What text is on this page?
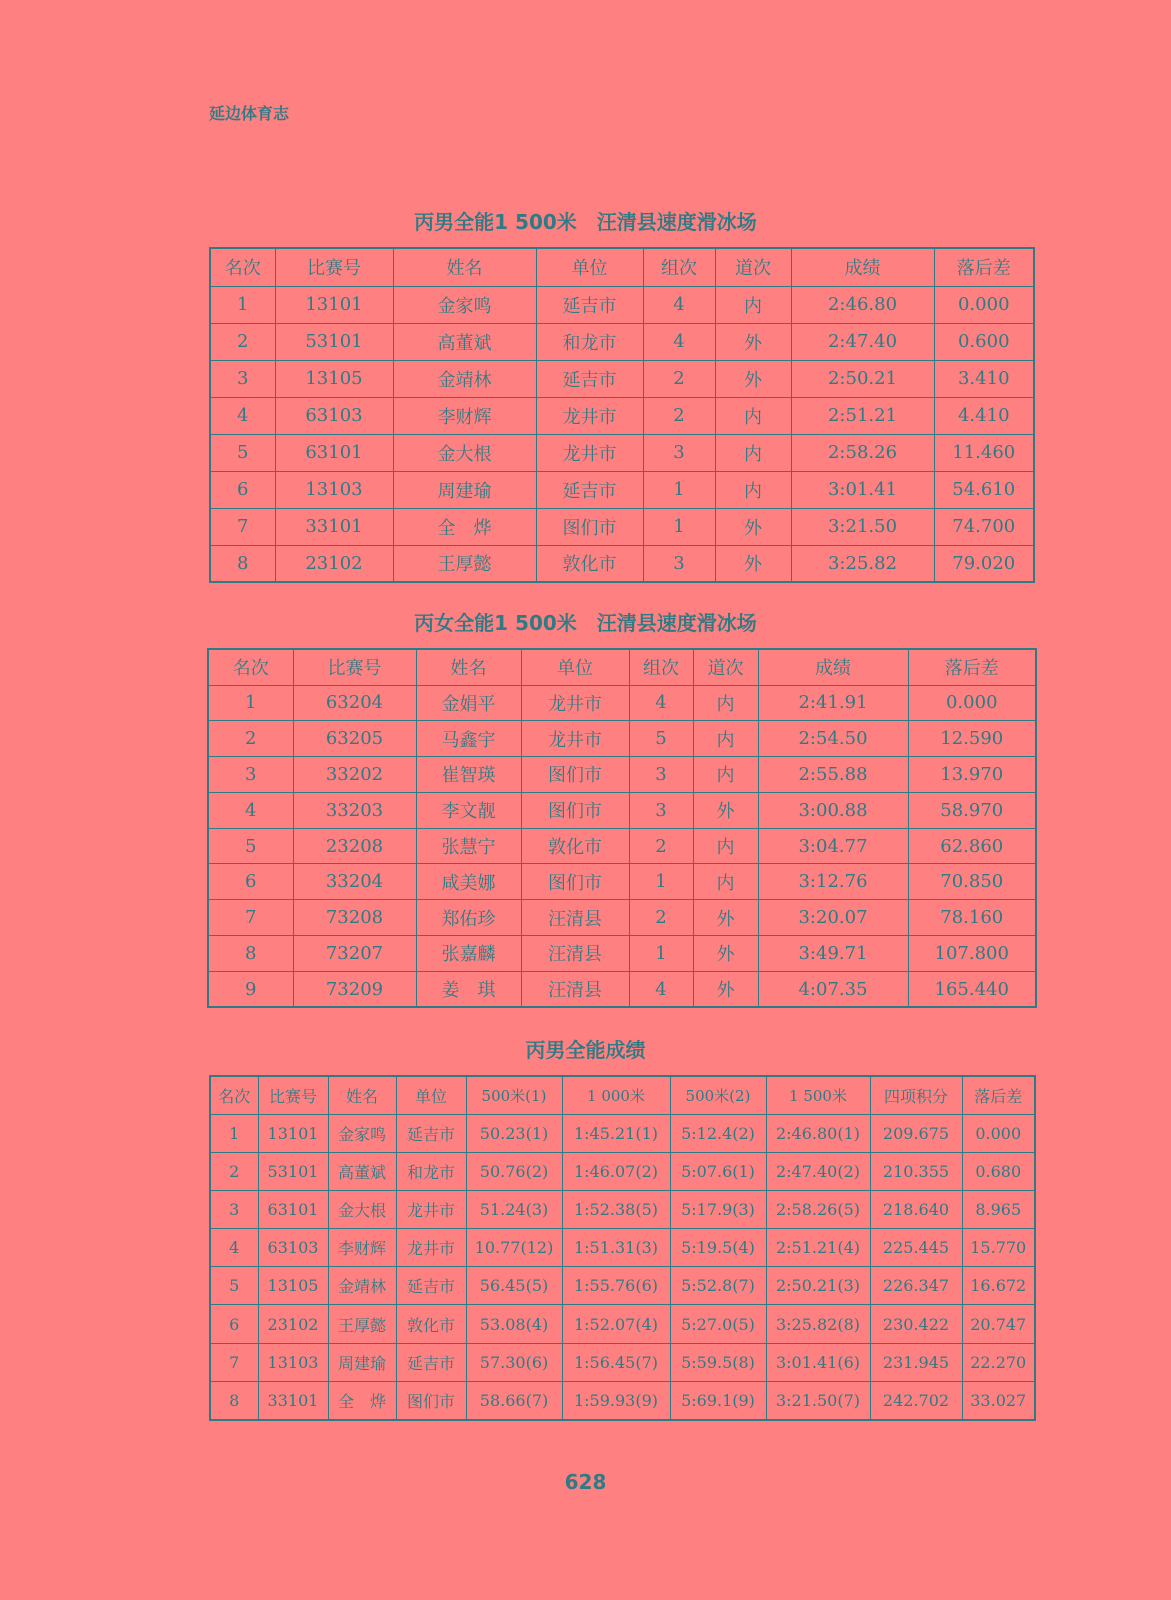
延边体育志
丙男全能1 500米　汪清县速度滑冰场
名次	比赛号	姓名	单位	组次	道次	成绩	落后差
1	13101	金家鸣	延吉市	4	内	2:46.80	0.000
2	53101	高董斌	和龙市	4	外	2:47.40	0.600
3	13105	金靖林	延吉市	2	外	2:50.21	3.410
4	63103	李财辉	龙井市	2	内	2:51.21	4.410
5	63101	金大根	龙井市	3	内	2:58.26	11.460
6	13103	周建瑜	延吉市	1	内	3:01.41	54.610
7	33101	全　烨	图们市	1	外	3:21.50	74.700
8	23102	王厚懿	敦化市	3	外	3:25.82	79.020
丙女全能1 500米　汪清县速度滑冰场
名次	比赛号	姓名	单位	组次	道次	成绩	落后差
1	63204	金娟平	龙井市	4	内	2:41.91	0.000
2	63205	马鑫宇	龙井市	5	内	2:54.50	12.590
3	33202	崔智瑛	图们市	3	内	2:55.88	13.970
4	33203	李文靓	图们市	3	外	3:00.88	58.970
5	23208	张慧宁	敦化市	2	内	3:04.77	62.860
6	33204	咸美娜	图们市	1	内	3:12.76	70.850
7	73208	郑佑珍	汪清县	2	外	3:20.07	78.160
8	73207	张嘉麟	汪清县	1	外	3:49.71	107.800
9	73209	姜　琪	汪清县	4	外	4:07.35	165.440
丙男全能成绩
名次	比赛号	姓名	单位	500米(1)	1 000米	500米(2)	1 500米	四项积分	落后差
1	13101	金家鸣	延吉市	50.23(1)	1:45.21(1)	5:12.4(2)	2:46.80(1)	209.675	0.000
2	53101	高董斌	和龙市	50.76(2)	1:46.07(2)	5:07.6(1)	2:47.40(2)	210.355	0.680
3	63101	金大根	龙井市	51.24(3)	1:52.38(5)	5:17.9(3)	2:58.26(5)	218.640	8.965
4	63103	李财辉	龙井市	10.77(12)	1:51.31(3)	5:19.5(4)	2:51.21(4)	225.445	15.770
5	13105	金靖林	延吉市	56.45(5)	1:55.76(6)	5:52.8(7)	2:50.21(3)	226.347	16.672
6	23102	王厚懿	敦化市	53.08(4)	1:52.07(4)	5:27.0(5)	3:25.82(8)	230.422	20.747
7	13103	周建瑜	延吉市	57.30(6)	1:56.45(7)	5:59.5(8)	3:01.41(6)	231.945	22.270
8	33101	全　烨	图们市	58.66(7)	1:59.93(9)	5:69.1(9)	3:21.50(7)	242.702	33.027
628
